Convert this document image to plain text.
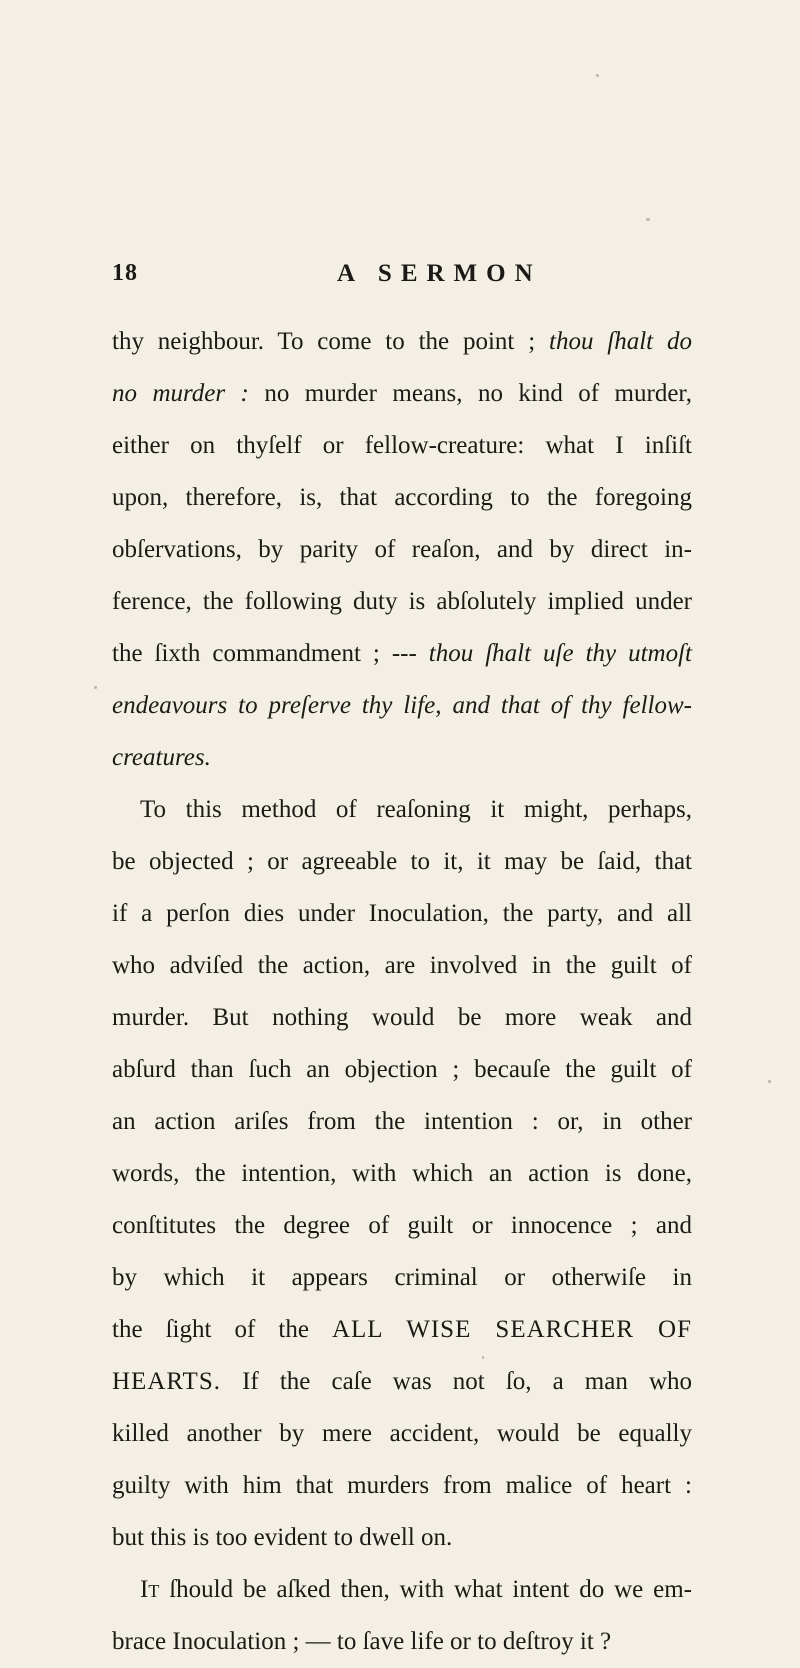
18	A SERMON
thy neighbour. To come to the point ; thou ſhalt do
no murder : no murder means, no kind of murder,
either on thyſelf or fellow-creature: what I inſiſt
upon, therefore, is, that according to the foregoing
obſervations, by parity of reaſon, and by direct in-
ference, the following duty is abſolutely implied under
the ſixth commandment ; --- thou ſhalt uſe thy utmoſt
endeavours to preſerve thy life, and that of thy fellow-
creatures.
To this method of reaſoning it might, perhaps,
be objected ; or agreeable to it, it may be ſaid, that
if a perſon dies under Inoculation, the party, and all
who adviſed the action, are involved in the guilt of
murder. But nothing would be more weak and
abſurd than ſuch an objection ; becauſe the guilt of
an action ariſes from the intention : or, in other
words, the intention, with which an action is done,
conſtitutes the degree of guilt or innocence ; and
by which it appears criminal or otherwiſe in
the ſight of the ALL WISE SEARCHER OF
HEARTS. If the caſe was not ſo, a man who
killed another by mere accident, would be equally
guilty with him that murders from malice of heart :
but this is too evident to dwell on.
It ſhould be aſked then, with what intent do we em-
brace Inoculation ; — to ſave life or to deſtroy it ?
